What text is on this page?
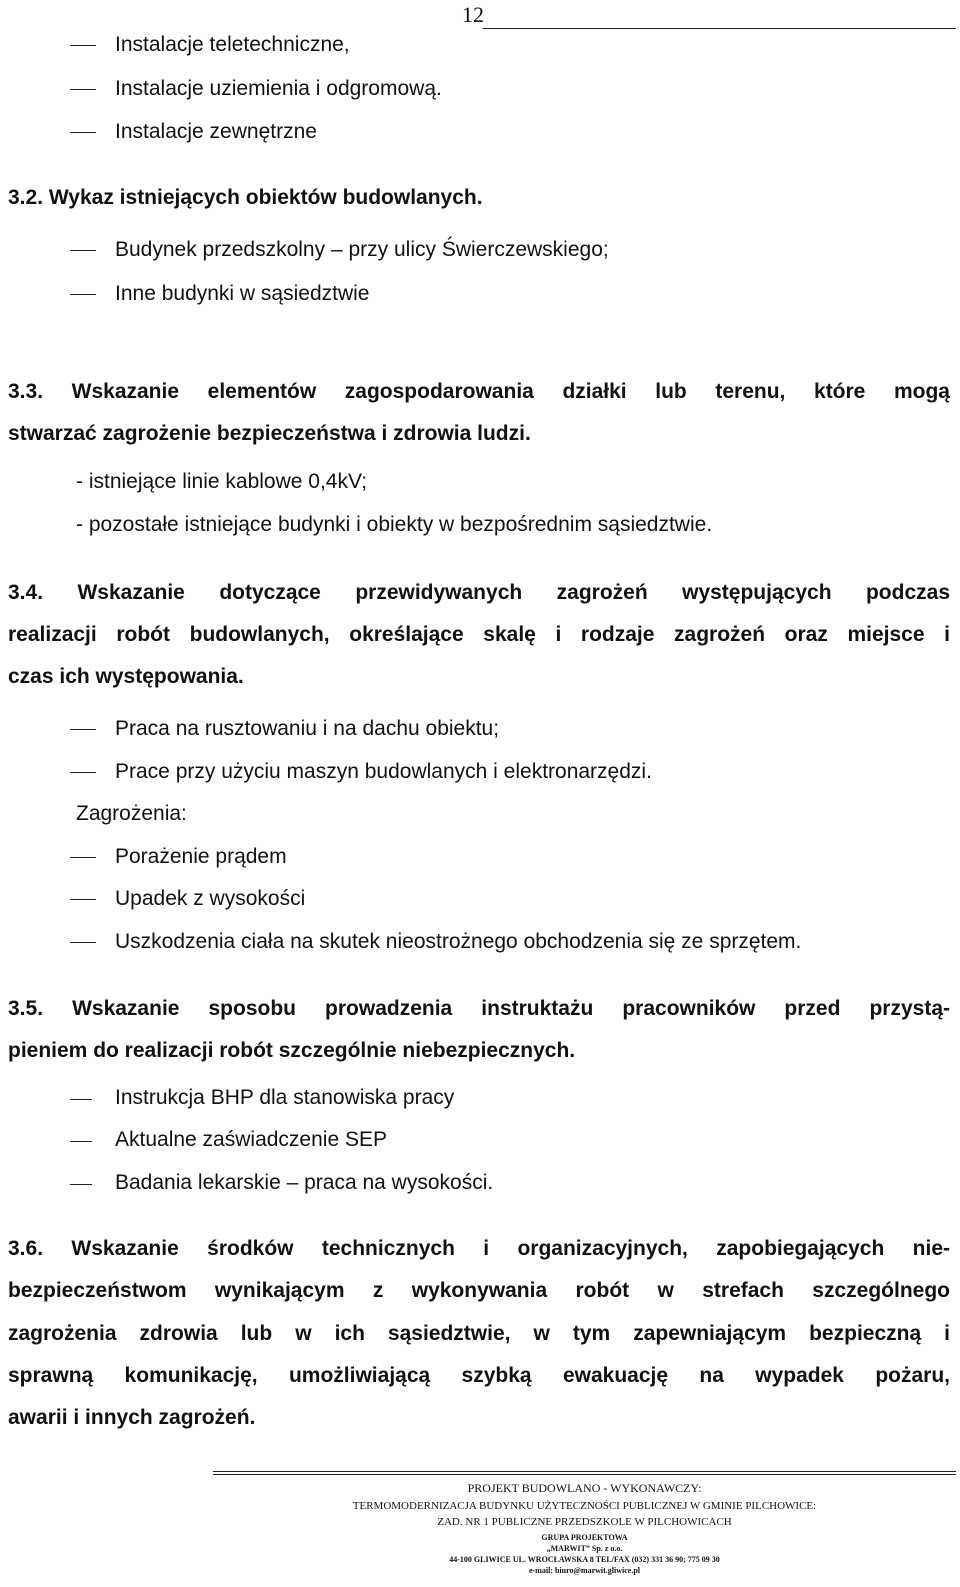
12
Instalacje teletechniczne,
Instalacje uziemienia i odgromową.
Instalacje zewnętrzne
3.2. Wykaz istniejących obiektów budowlanych.
Budynek przedszkolny – przy ulicy Świerczewskiego;
Inne budynki w sąsiedztwie
3.3. Wskazanie elementów zagospodarowania działki lub terenu, które mogą
stwarzać zagrożenie bezpieczeństwa i zdrowia ludzi.
- istniejące linie kablowe 0,4kV;
- pozostałe istniejące budynki i obiekty w bezpośrednim sąsiedztwie.
3.4. Wskazanie dotyczące przewidywanych zagrożeń występujących podczas
realizacji robót budowlanych, określające skalę i rodzaje zagrożeń oraz miejsce i
czas ich występowania.
Praca na rusztowaniu i na dachu obiektu;
Prace przy użyciu maszyn budowlanych i elektronarzędzi.
Zagrożenia:
Porażenie prądem
Upadek z wysokości
Uszkodzenia ciała na skutek nieostrożnego obchodzenia się ze sprzętem.
3.5. Wskazanie sposobu prowadzenia instruktażu pracowników przed przystą-
pieniem do realizacji robót szczególnie niebezpiecznych.
Instrukcja BHP dla stanowiska pracy
Aktualne zaświadczenie SEP
Badania lekarskie – praca na wysokości.
3.6. Wskazanie środków technicznych i organizacyjnych, zapobiegających nie-
bezpieczeństwom wynikającym z wykonywania robót w strefach szczególnego
zagrożenia zdrowia lub w ich sąsiedztwie, w tym zapewniającym bezpieczną i
sprawną komunikację, umożliwiającą szybką ewakuację na wypadek pożaru,
awarii i innych zagrożeń.
PROJEKT BUDOWLANO - WYKONAWCZY:
TERMOMODERNIZACJA BUDYNKU UŻYTECZNOŚCI PUBLICZNEJ W GMINIE PILCHOWICE:
ZAD. NR 1 PUBLICZNE PRZEDSZKOLE W PILCHOWICACH
GRUPA PROJEKTOWA
„MARWIT” Sp. z o.o.
44-100 GLIWICE UL. WROCŁAWSKA 8 TEL/FAX (032) 331 36 90; 775 09 30
e-mail: biuro@marwit.gliwice.pl
